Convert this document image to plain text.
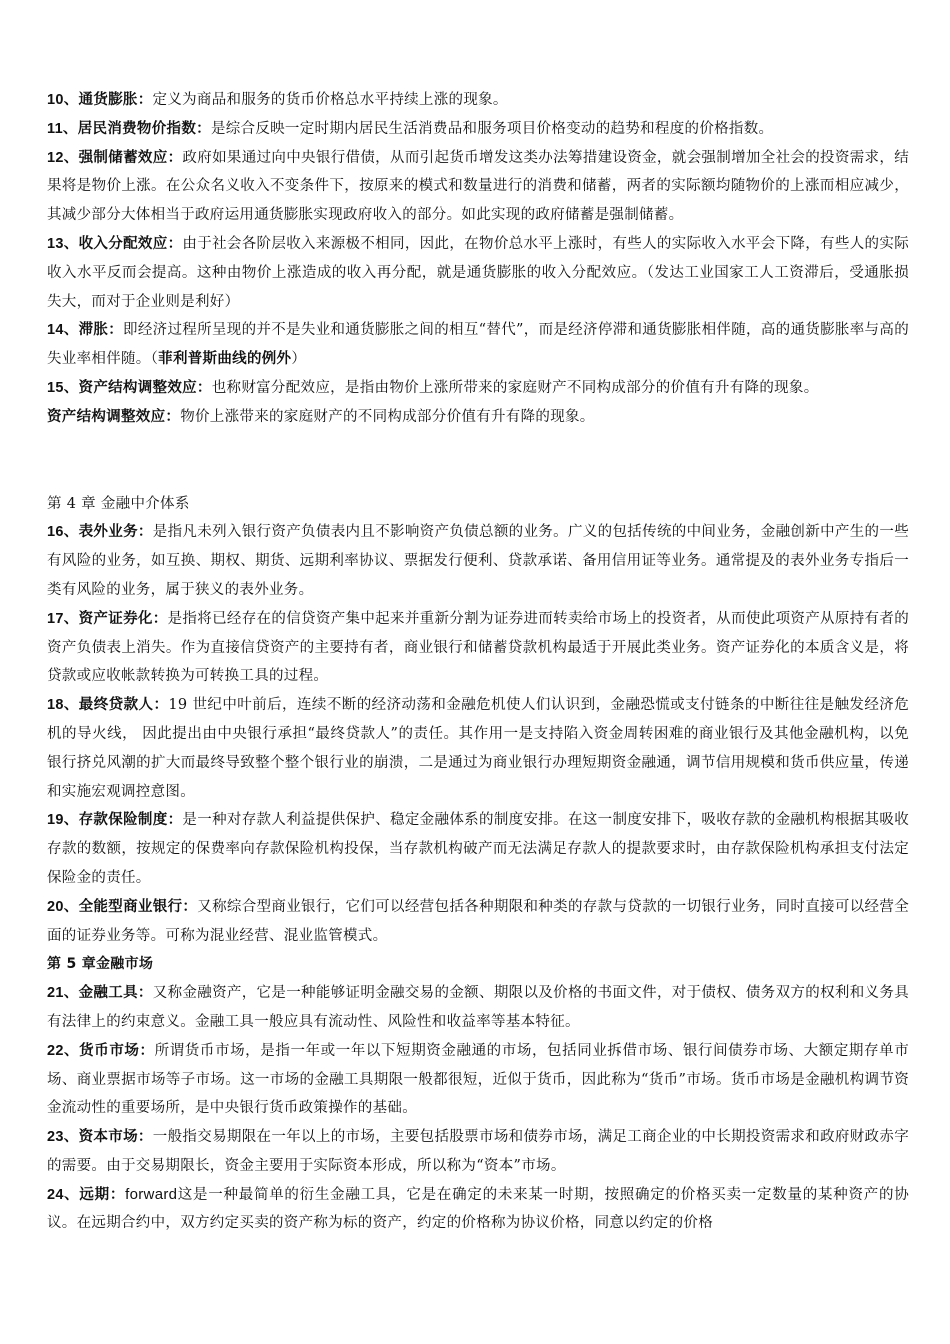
10、通货膨胀：定义为商品和服务的货币价格总水平持续上涨的现象。

11、居民消费物价指数：是综合反映一定时期内居民生活消费品和服务项目价格变动的趋势和程度的价格指数。

12、强制储蓄效应：政府如果通过向中央银行借债，从而引起货币增发这类办法筹措建设资金，就会强制增加全社会的投资需求，结果将是物价上涨。在公众名义收入不变条件下，按原来的模式和数量进行的消费和储蓄，两者的实际额均随物价的上涨而相应减少，其减少部分大体相当于政府运用通货膨胀实现政府收入的部分。如此实现的政府储蓄是强制储蓄。

13、收入分配效应：由于社会各阶层收入来源极不相同，因此，在物价总水平上涨时，有些人的实际收入水平会下降，有些人的实际收入水平反而会提高。这种由物价上涨造成的收入再分配，就是通货膨胀的收入分配效应。（发达工业国家工人工资滞后，受通胀损失大，而对于企业则是利好）

14、滞胀：即经济过程所呈现的并不是失业和通货膨胀之间的相互“替代”，而是经济停滞和通货膨胀相伴随，高的通货膨胀率与高的失业率相伴随。（菲利普斯曲线的例外）

15、资产结构调整效应：也称财富分配效应，是指由物价上涨所带来的家庭财产不同构成部分的价值有升有降的现象。

资产结构调整效应：物价上涨带来的家庭财产的不同构成部分价值有升有降的现象。

第 4 章 金融中介体系

16、表外业务：是指凡未列入银行资产负债表内且不影响资产负债总额的业务。广义的包括传统的中间业务，金融创新中产生的一些有风险的业务，如互换、期权、期货、远期利率协议、票据发行便利、贷款承诺、备用信用证等业务。通常提及的表外业务专指后一类有风险的业务，属于狭义的表外业务。

17、资产证券化：是指将已经存在的信贷资产集中起来并重新分割为证券进而转卖给市场上的投资者，从而使此项资产从原持有者的资产负债表上消失。作为直接信贷资产的主要持有者，商业银行和储蓄贷款机构最适于开展此类业务。资产证券化的本质含义是，将贷款或应收帐款转换为可转换工具的过程。

18、最终贷款人：19 世纪中叶前后，连续不断的经济动荡和金融危机使人们认识到，金融恐慌或支付链条的中断往往是触发经济危机的导火线， 因此提出由中央银行承担“最终贷款人”的责任。其作用一是支持陷入资金周转困难的商业银行及其他金融机构，以免银行挤兑风潮的扩大而最终导致整个整个银行业的崩溃，二是通过为商业银行办理短期资金融通，调节信用规模和货币供应量，传递和实施宏观调控意图。

19、存款保险制度：是一种对存款人利益提供保护、稳定金融体系的制度安排。在这一制度安排下，吸收存款的金融机构根据其吸收存款的数额，按规定的保费率向存款保险机构投保，当存款机构破产而无法满足存款人的提款要求时，由存款保险机构承担支付法定保险金的责任。

20、全能型商业银行：又称综合型商业银行，它们可以经营包括各种期限和种类的存款与贷款的一切银行业务，同时直接可以经营全面的证券业务等。可称为混业经营、混业监管模式。

第 5 章金融市场

21、金融工具：又称金融资产，它是一种能够证明金融交易的金额、期限以及价格的书面文件，对于债权、债务双方的权利和义务具有法律上的约束意义。金融工具一般应具有流动性、风险性和收益率等基本特征。

22、货币市场：所谓货币市场，是指一年或一年以下短期资金融通的市场，包括同业拆借市场、银行间债券市场、大额定期存单市场、商业票据市场等子市场。这一市场的金融工具期限一般都很短，近似于货币，因此称为“货币”市场。货币市场是金融机构调节资金流动性的重要场所，是中央银行货币政策操作的基础。

23、资本市场：一般指交易期限在一年以上的市场，主要包括股票市场和债券市场，满足工商企业的中长期投资需求和政府财政赤字的需要。由于交易期限长，资金主要用于实际资本形成，所以称为“资本”市场。

24、远期：forward这是一种最简单的衍生金融工具，它是在确定的未来某一时期，按照确定的价格买卖一定数量的某种资产的协议。在远期合约中，双方约定买卖的资产称为标的资产，约定的价格称为协议价格，同意以约定的价格
